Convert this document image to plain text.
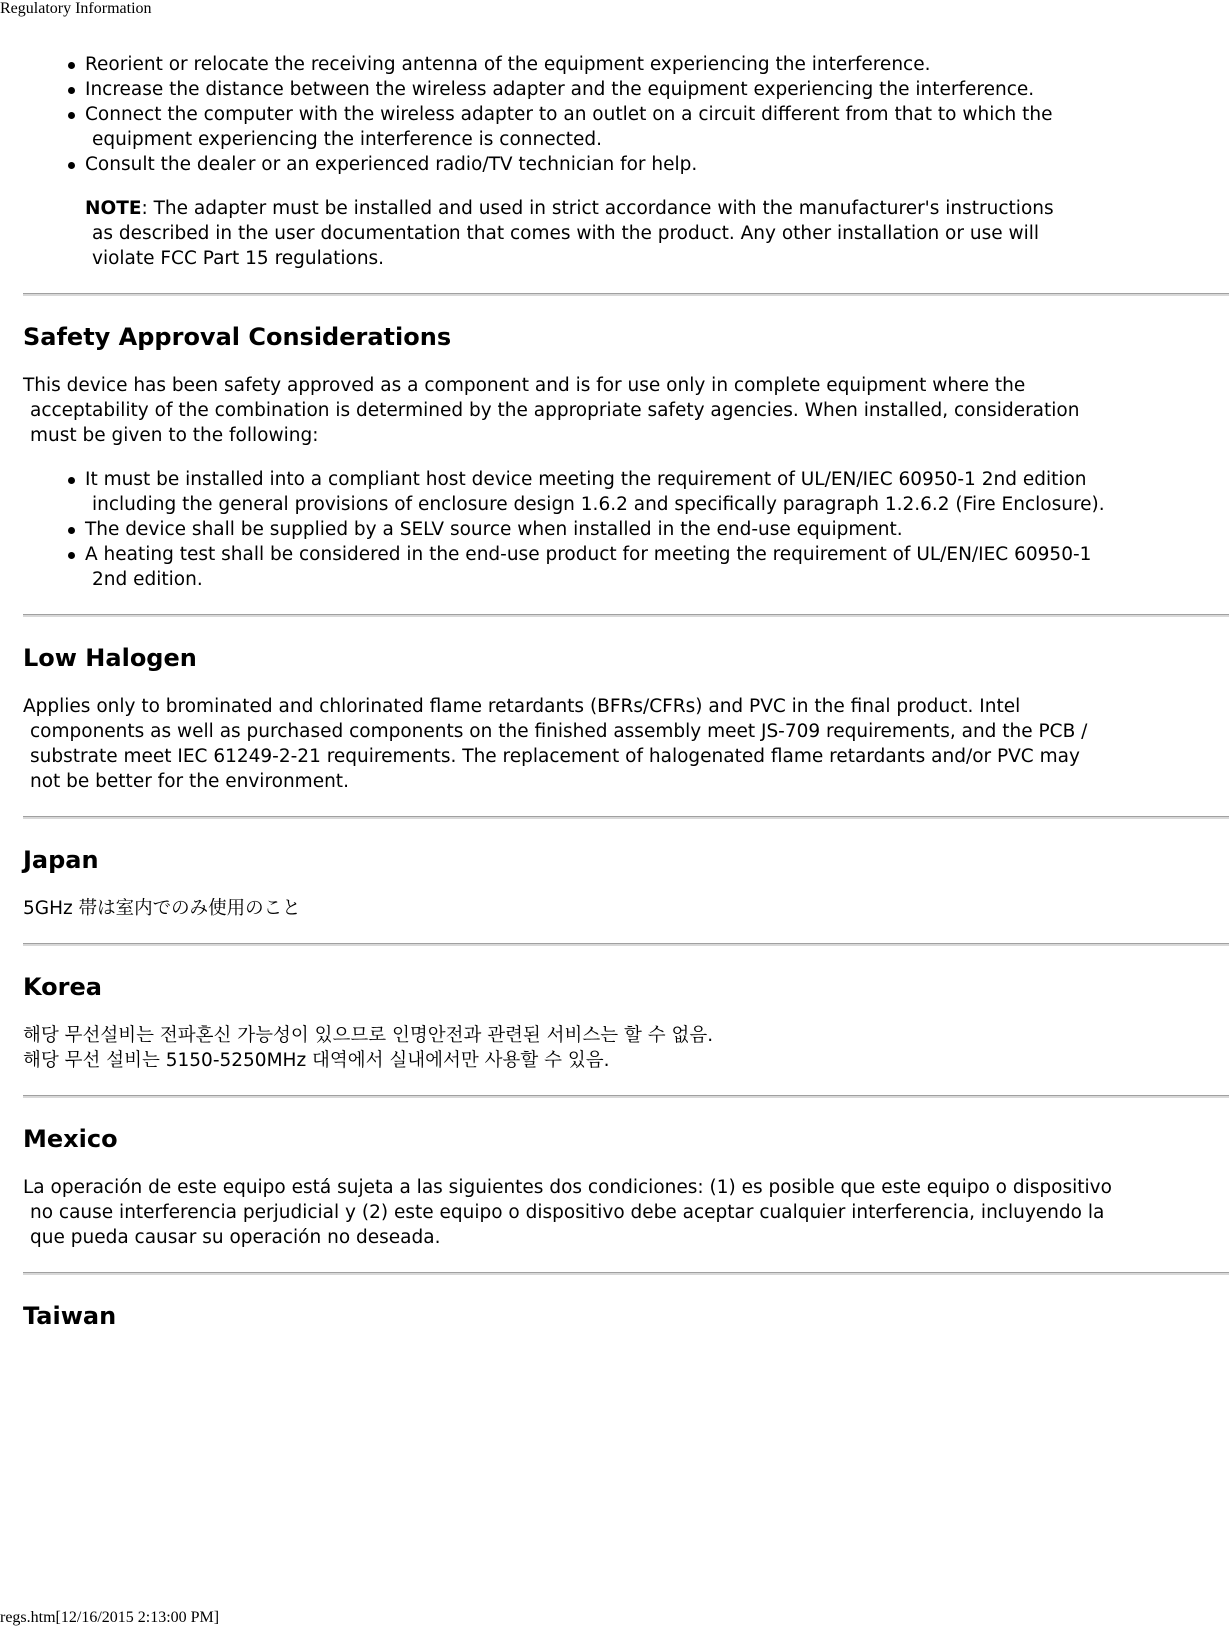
Regulatory Information
Reorient or relocate the receiving antenna of the equipment experiencing the interference.
Increase the distance between the wireless adapter and the equipment experiencing the interference.
Connect the computer with the wireless adapter to an outlet on a circuit different from that to which the
equipment experiencing the interference is connected.
Consult the dealer or an experienced radio/TV technician for help.
NOTE: The adapter must be installed and used in strict accordance with the manufacturer's instructions
as described in the user documentation that comes with the product. Any other installation or use will
violate FCC Part 15 regulations.
Safety Approval Considerations

This device has been safety approved as a component and is for use only in complete equipment where the
acceptability of the combination is determined by the appropriate safety agencies. When installed, consideration
must be given to the following:

It must be installed into a compliant host device meeting the requirement of UL/EN/IEC 60950-1 2nd edition
including the general provisions of enclosure design 1.6.2 and specifically paragraph 1.2.6.2 (Fire Enclosure).
The device shall be supplied by a SELV source when installed in the end-use equipment.
A heating test shall be considered in the end-use product for meeting the requirement of UL/EN/IEC 60950-1
2nd edition.
Low Halogen

Applies only to brominated and chlorinated flame retardants (BFRs/CFRs) and PVC in the final product. Intel
components as well as purchased components on the finished assembly meet JS-709 requirements, and the PCB /
substrate meet IEC 61249-2-21 requirements. The replacement of halogenated flame retardants and/or PVC may
not be better for the environment.

Japan

5GHz 帯は室内でのみ使用のこと

Korea

해당 무선설비는 전파혼신 가능성이 있으므로 인명안전과 관련된 서비스는 할 수 없음.
해당 무선 설비는 5150-5250MHz 대역에서 실내에서만 사용할 수 있음.

Mexico

La operación de este equipo está sujeta a las siguientes dos condiciones: (1) es posible que este equipo o dispositivo
no cause interferencia perjudicial y (2) este equipo o dispositivo debe aceptar cualquier interferencia, incluyendo la
que pueda causar su operación no deseada.

Taiwan
regs.htm[12/16/2015 2:13:00 PM]
